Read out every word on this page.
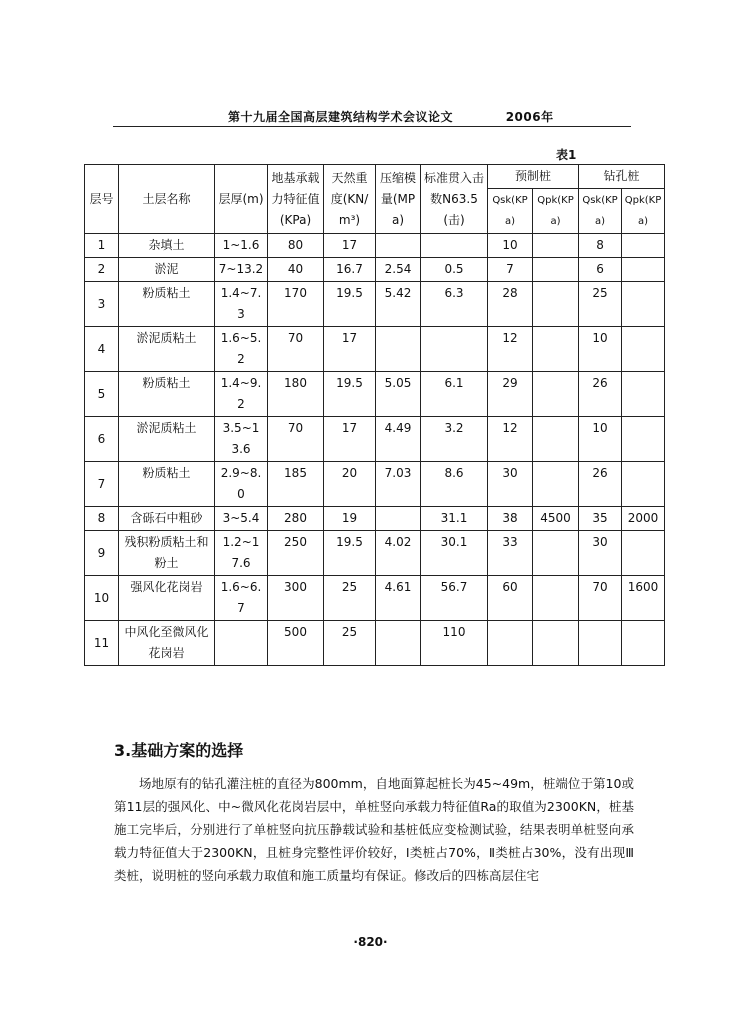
第十九届全国高层建筑结构学术会议论文	2006年
表1
层号	土层名称	层厚(m)	地基承载力特征值(KPa)	天然重度(KN/m³)	压缩模量(MPa)	标准贯入击数N63.5(击)	预制桩		钻孔桩	
							Qsk(KPa)	Qpk(KPa)	Qsk(KPa)	Qpk(KPa)
1	杂填土	1~1.6	80	17			10		8	
2	淤泥	7~13.2	40	16.7	2.54	0.5	7		6	
3	粉质粘土	1.4~7.3	170	19.5	5.42	6.3	28		25	
4	淤泥质粘土	1.6~5.2	70	17			12		10	
5	粉质粘土	1.4~9.2	180	19.5	5.05	6.1	29		26	
6	淤泥质粘土	3.5~13.6	70	17	4.49	3.2	12		10	
7	粉质粘土	2.9~8.0	185	20	7.03	8.6	30		26	
8	含砾石中粗砂	3~5.4	280	19		31.1	38	4500	35	2000
9	残积粉质粘土和粉土	1.2~17.6	250	19.5	4.02	30.1	33		30	
10	强风化花岗岩	1.6~6.7	300	25	4.61	56.7	60		70	1600
11	中风化至微风化花岗岩		500	25		110				
3.基础方案的选择
场地原有的钻孔灌注桩的直径为800mm，自地面算起桩长为45~49m，桩端位于第10或第11层的强风化、中~微风化花岗岩层中，单桩竖向承载力特征值Ra的取值为2300KN，桩基施工完毕后，分别进行了单桩竖向抗压静载试验和基桩低应变检测试验，结果表明单桩竖向承载力特征值大于2300KN，且桩身完整性评价较好，Ⅰ类桩占70%，Ⅱ类桩占30%，没有出现Ⅲ类桩，说明桩的竖向承载力取值和施工质量均有保证。修改后的四栋高层住宅
·820·
